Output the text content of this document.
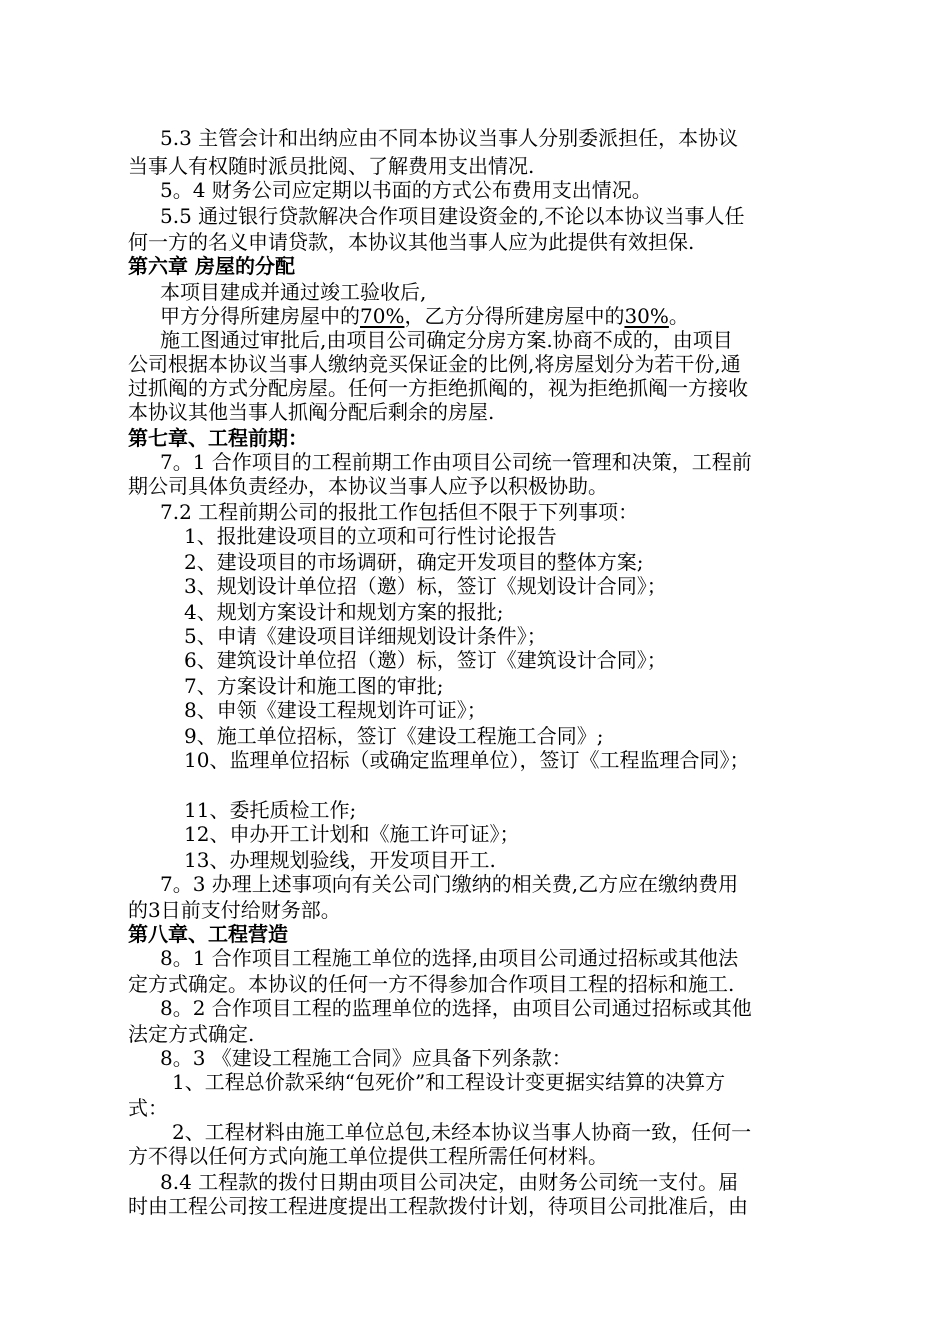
5.3 主管会计和出纳应由不同本协议当事人分别委派担任，本协议
当事人有权随时派员批阅、了解费用支出情况.
5。4 财务公司应定期以书面的方式公布费用支出情况。
5.5 通过银行贷款解决合作项目建设资金的,不论以本协议当事人任
何一方的名义申请贷款，本协议其他当事人应为此提供有效担保.
第六章 房屋的分配
本项目建成并通过竣工验收后,
甲方分得所建房屋中的70%，乙方分得所建房屋中的30%。
施工图通过审批后,由项目公司确定分房方案.协商不成的，由项目
公司根据本协议当事人缴纳竞买保证金的比例,将房屋划分为若干份,通
过抓阄的方式分配房屋。任何一方拒绝抓阄的，视为拒绝抓阄一方接收
本协议其他当事人抓阄分配后剩余的房屋.
第七章、工程前期：
7。1 合作项目的工程前期工作由项目公司统一管理和决策，工程前
期公司具体负责经办，本协议当事人应予以积极协助。
7.2 工程前期公司的报批工作包括但不限于下列事项：
1、报批建设项目的立项和可行性讨论报告
2、建设项目的市场调研，确定开发项目的整体方案;
3、规划设计单位招（邀）标，签订《规划设计合同》；
4、规划方案设计和规划方案的报批;
5、申请《建设项目详细规划设计条件》；
6、建筑设计单位招（邀）标，签订《建筑设计合同》；
7、方案设计和施工图的审批;
8、申领《建设工程规划许可证》；
9、施工单位招标，签订《建设工程施工合同》;
10、监理单位招标（或确定监理单位），签订《工程监理合同》；
11、委托质检工作;
12、申办开工计划和《施工许可证》；
13、办理规划验线，开发项目开工.
7。3 办理上述事项向有关公司门缴纳的相关费,乙方应在缴纳费用
的3日前支付给财务部。
第八章、工程营造
8。1 合作项目工程施工单位的选择,由项目公司通过招标或其他法
定方式确定。本协议的任何一方不得参加合作项目工程的招标和施工.
8。2 合作项目工程的监理单位的选择，由项目公司通过招标或其他
法定方式确定.
8。3 《建设工程施工合同》应具备下列条款：
1、工程总价款采纳“包死价”和工程设计变更据实结算的决算方
式：
2、工程材料由施工单位总包,未经本协议当事人协商一致，任何一
方不得以任何方式向施工单位提供工程所需任何材料。
8.4 工程款的拨付日期由项目公司决定，由财务公司统一支付。届
时由工程公司按工程进度提出工程款拨付计划，待项目公司批准后，由
